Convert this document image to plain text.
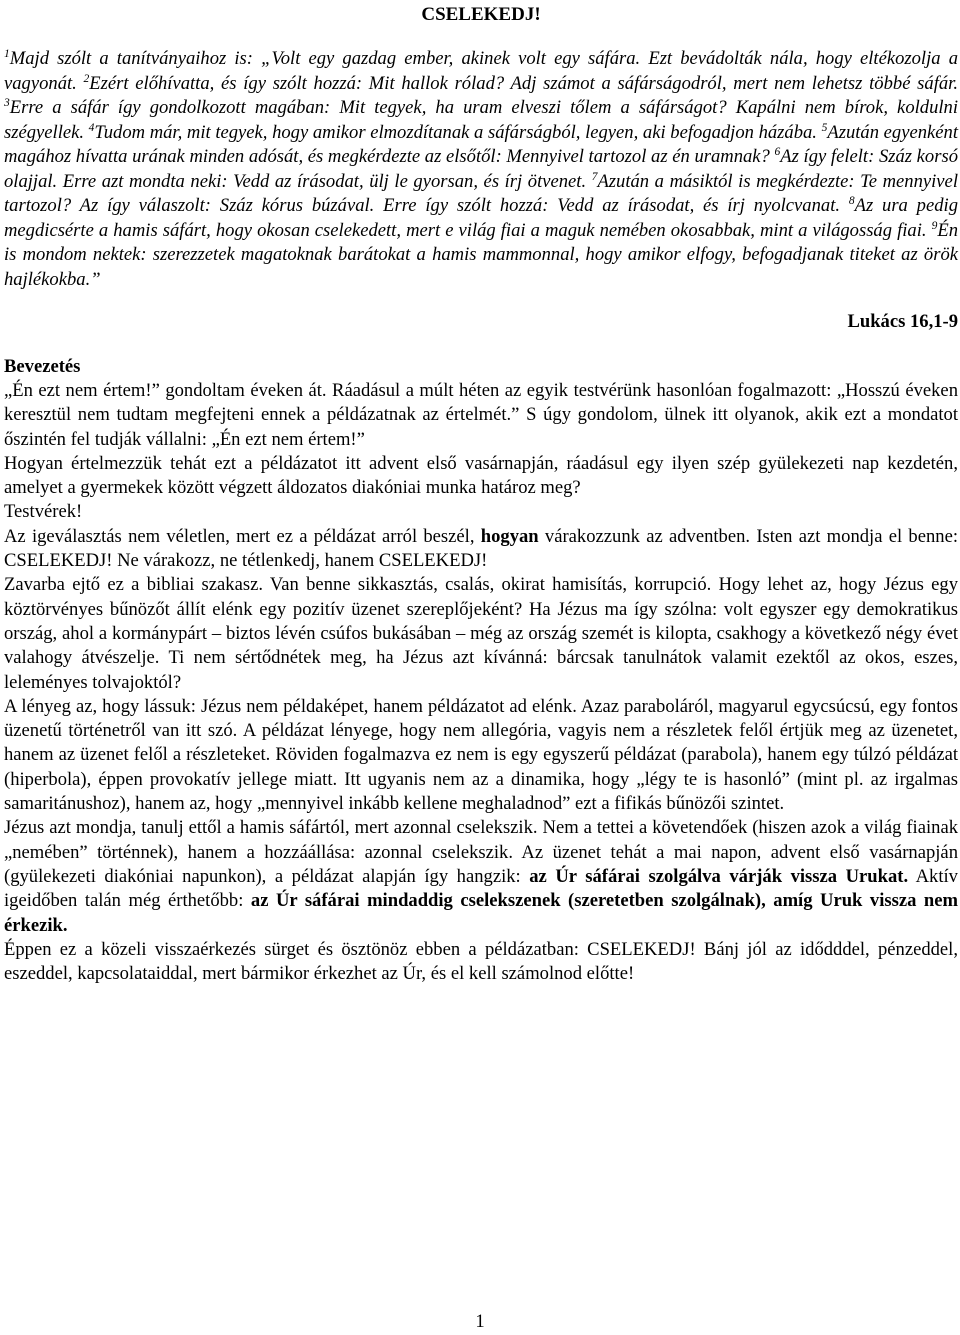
CSELEKEDJ!

$^1$Majd szólt a tanítványaihoz is: „Volt egy gazdag ember, akinek volt egy sáfára. Ezt bevádolták nála, hogy eltékozolja a vagyonát. $^2$Ezért előhívatta, és így szólt hozzá: Mit hallok rólad? Adj számot a sáfárságodról, mert nem lehetsz többé sáfár. $^3$Erre a sáfár így gondolkozott magában: Mit tegyek, ha uram elveszi tőlem a sáfárságot? Kapálni nem bírok, koldulni szégyellek. $^4$Tudom már, mit tegyek, hogy amikor elmozdítanak a sáfárságból, legyen, aki befogadjon házába. $^5$Azután egyenként magához hívatta urának minden adósát, és megkérdezte az elsőtől: Mennyivel tartozol az én uramnak? $^6$Az így felelt: Száz korsó olajjal. Erre azt mondta neki: Vedd az írásodat, ülj le gyorsan, és írj ötvenet. $^7$Azután a másiktól is megkérdezte: Te mennyivel tartozol? Az így válaszolt: Száz kórus búzával. Erre így szólt hozzá: Vedd az írásodat, és írj nyolcvanat. $^8$Az ura pedig megdicsérte a hamis sáfárt, hogy okosan cselekedett, mert e világ fiai a maguk nemében okosabbak, mint a világosság fiai. $^9$Én is mondom nektek: szerezzetek magatoknak barátokat a hamis mammonnal, hogy amikor elfogy, befogadjanak titeket az örök hajlékokba.”

Lukács 16,1-9

Bevezetés

„Én ezt nem értem!” gondoltam éveken át. Ráadásul a múlt héten az egyik testvérünk hasonlóan fogalmazott: „Hosszú éveken keresztül nem tudtam megfejteni ennek a példázatnak az értelmét.” S úgy gondolom, ülnek itt olyanok, akik ezt a mondatot őszintén fel tudják vállalni: „Én ezt nem értem!”

Hogyan értelmezzük tehát ezt a példázatot itt advent első vasárnapján, ráadásul egy ilyen szép gyülekezeti nap kezdetén, amelyet a gyermekek között végzett áldozatos diakóniai munka határoz meg?

Testvérek!

Az igeválasztás nem véletlen, mert ez a példázat arról beszél, hogyan várakozzunk az adventben. Isten azt mondja el benne: CSELEKEDJ! Ne várakozz, ne tétlenkedj, hanem CSELEKEDJ!

Zavarba ejtő ez a bibliai szakasz. Van benne sikkasztás, csalás, okirat hamisítás, korrupció. Hogy lehet az, hogy Jézus egy köztörvényes bűnözőt állít elénk egy pozitív üzenet szereplőjeként? Ha Jézus ma így szólna: volt egyszer egy demokratikus ország, ahol a kormánypárt – biztos lévén csúfos bukásában – még az ország szemét is kilopta, csakhogy a következő négy évet valahogy átvészelje. Ti nem sértődnétek meg, ha Jézus azt kívánná: bárcsak tanulnátok valamit ezektől az okos, eszes, leleményes tolvajoktól?

A lényeg az, hogy lássuk: Jézus nem példaképet, hanem példázatot ad elénk. Azaz paraboláról, magyarul egycsúcsú, egy fontos üzenetű történetről van itt szó. A példázat lényege, hogy nem allegória, vagyis nem a részletek felől értjük meg az üzenetet, hanem az üzenet felől a részleteket. Röviden fogalmazva ez nem is egy egyszerű példázat (parabola), hanem egy túlzó példázat (hiperbola), éppen provokatív jellege miatt. Itt ugyanis nem az a dinamika, hogy „légy te is hasonló” (mint pl. az irgalmas samaritánushoz), hanem az, hogy „mennyivel inkább kellene meghaladnod” ezt a fifikás bűnözői szintet.

Jézus azt mondja, tanulj ettől a hamis sáfártól, mert azonnal cselekszik. Nem a tettei a követendőek (hiszen azok a világ fiainak „nemében” történnek), hanem a hozzáállása: azonnal cselekszik. Az üzenet tehát a mai napon, advent első vasárnapján (gyülekezeti diakóniai napunkon), a példázat alapján így hangzik: az Úr sáfárai szolgálva várják vissza Urukat. Aktív igeidőben talán még érthetőbb: az Úr sáfárai mindaddig cselekszenek (szeretetben szolgálnak), amíg Uruk vissza nem érkezik.

Éppen ez a közeli visszaérkezés sürget és ösztönöz ebben a példázatban: CSELEKEDJ! Bánj jól az idődddel, pénzeddel, eszeddel, kapcsolataiddal, mert bármikor érkezhet az Úr, és el kell számolnod előtte!

1
